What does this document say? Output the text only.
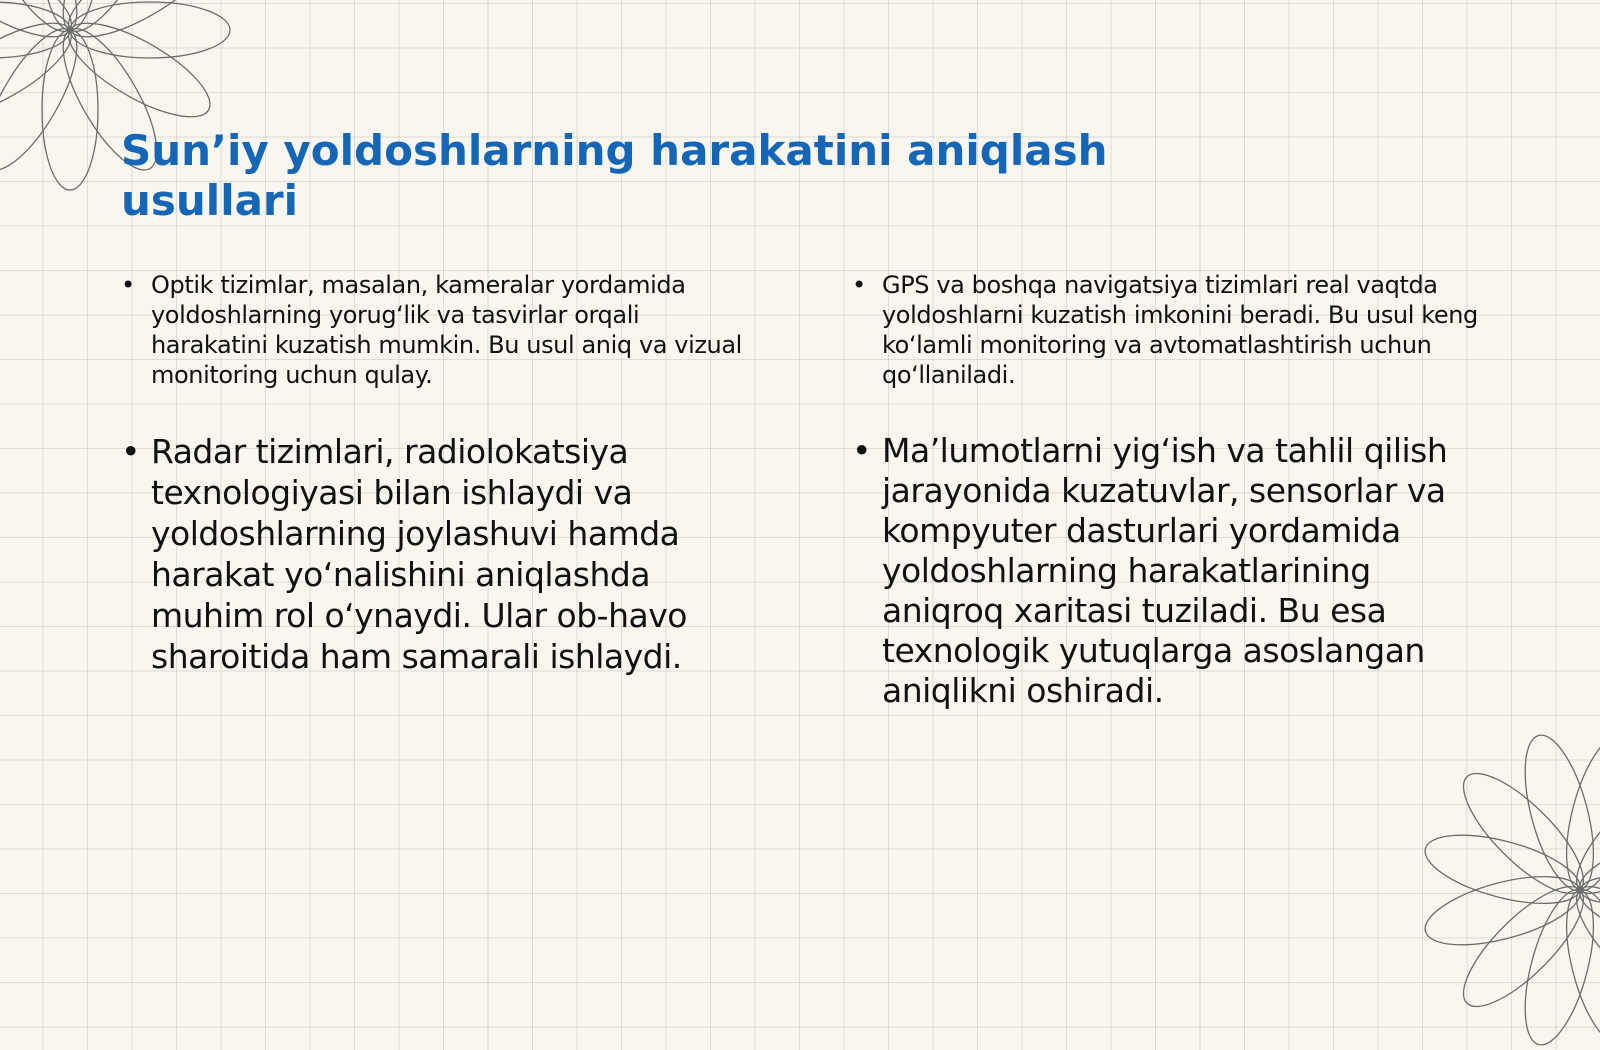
Sun’iy yoldoshlarning harakatini aniqlash usullari
• Optik tizimlar, masalan, kameralar yordamida yoldoshlarning yorug‘lik va tasvirlar orqali harakatini kuzatish mumkin. Bu usul aniq va vizual monitoring uchun qulay.
• Radar tizimlari, radiolokatsiya texnologiyasi bilan ishlaydi va yoldoshlarning joylashuvi hamda harakat yo‘nalishini aniqlashda muhim rol o‘ynaydi. Ular ob-havo sharoitida ham samarali ishlaydi.
• GPS va boshqa navigatsiya tizimlari real vaqtda yoldoshlarni kuzatish imkonini beradi. Bu usul keng ko‘lamli monitoring va avtomatlashtirish uchun qo‘llaniladi.
• Ma’lumotlarni yig‘ish va tahlil qilish jarayonida kuzatuvlar, sensorlar va kompyuter dasturlari yordamida yoldoshlarning harakatlarining aniqroq xaritasi tuziladi. Bu esa texnologik yutuqlarga asoslangan aniqlikni oshiradi.
